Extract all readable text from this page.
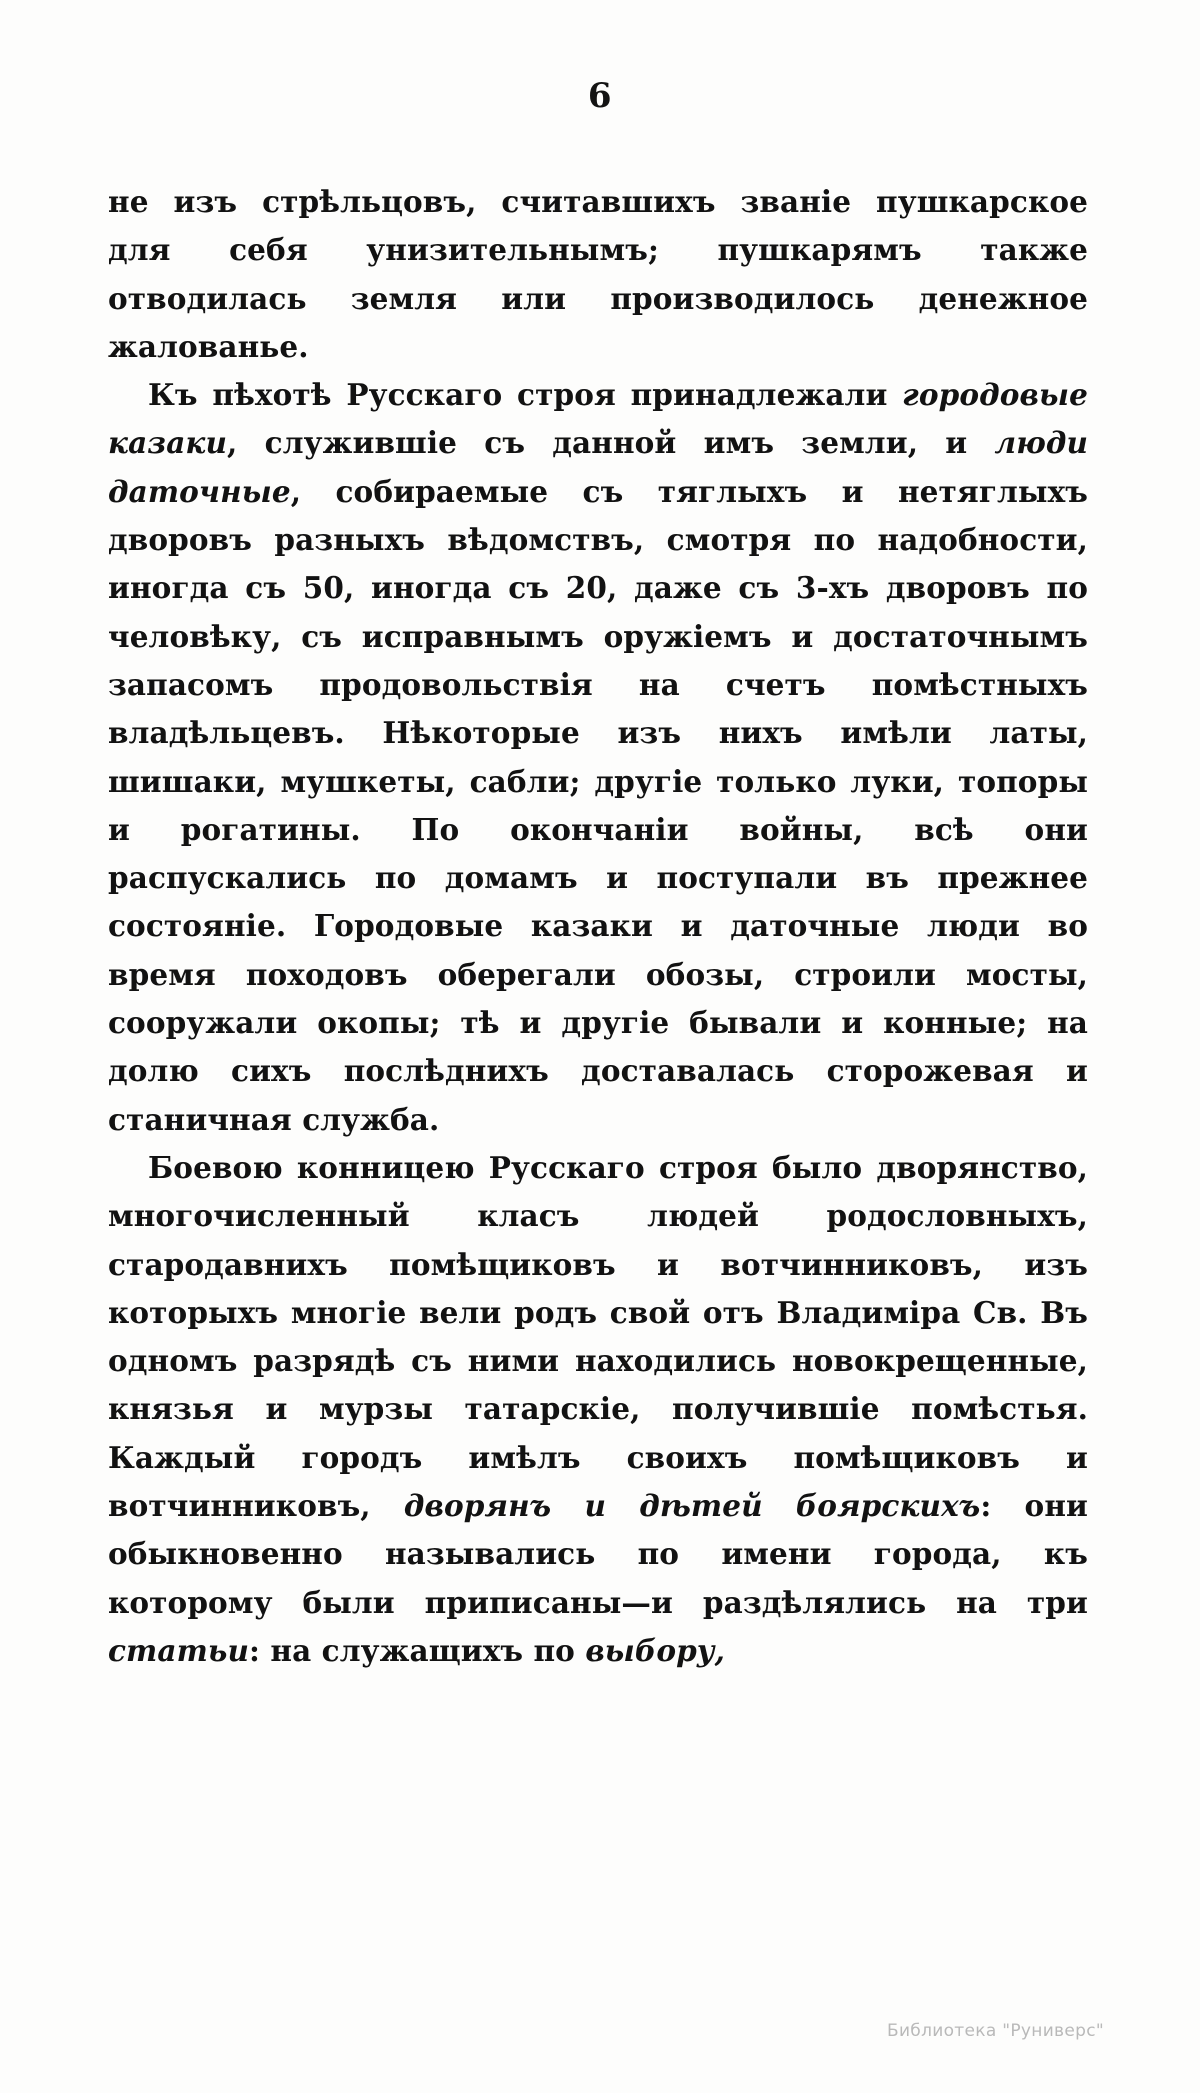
6

не изъ стрѣльцовъ, считавшихъ званіе пушкарское для себя унизительнымъ; пушкарямъ также отводилась земля или производилось денежное жалованье.

Къ пѣхотѣ Русскаго строя принадлежали городовые казаки, служившіе съ данной имъ земли, и люди даточные, собираемые съ тяглыхъ и нетяглыхъ дворовъ разныхъ вѣдомствъ, смотря по надобности, иногда съ 50, иногда съ 20, даже съ 3-хъ дворовъ по человѣку, съ исправнымъ оружіемъ и достаточнымъ запасомъ продовольствія на счетъ помѣстныхъ владѣльцевъ. Нѣкоторые изъ нихъ имѣли латы, шишаки, мушкеты, сабли; другіе только луки, топоры и рогатины. По окончаніи войны, всѣ они распускались по домамъ и поступали въ прежнее состояніе. Городовые казаки и даточные люди во время походовъ оберегали обозы, строили мосты, сооружали окопы; тѣ и другіе бывали и конные; на долю сихъ послѣднихъ доставалась сторожевая и станичная служба.

Боевою конницею Русскаго строя было дворянство, многочисленный класъ людей родословныхъ, стародавнихъ помѣщиковъ и вотчинниковъ, изъ которыхъ многіе вели родъ свой отъ Владиміра Св. Въ одномъ разрядѣ съ ними находились новокрещенные, князья и мурзы татарскіе, получившіе помѣстья. Каждый городъ имѣлъ своихъ помѣщиковъ и вотчинниковъ, дворянъ и дѣтей боярскихъ: они обыкновенно назывались по имени города, къ которому были приписаны—и раздѣлялись на три статьи: на служащихъ по выбору,

Библиотека "Руниверс"
